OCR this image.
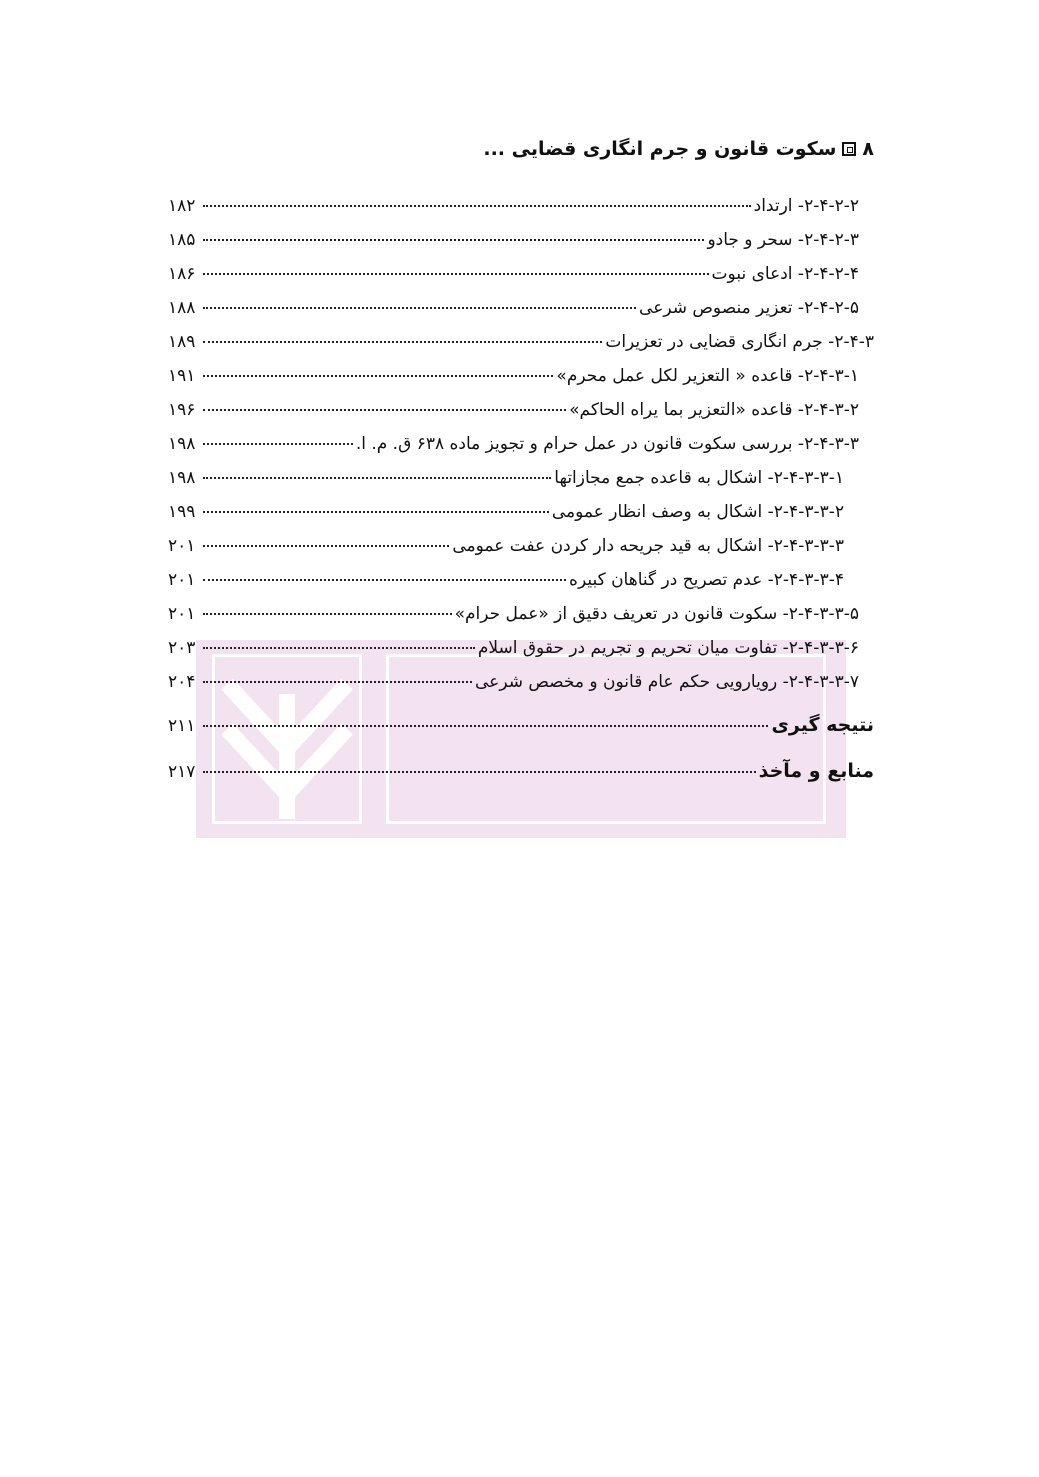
۸
سکوت قانون و جرم انگاری قضایی ...
۲-۴-۲-۲- ارتداد
۱۸۲
۲-۴-۲-۳- سحر و جادو
۱۸۵
۲-۴-۲-۴- ادعای نبوت
۱۸۶
۲-۴-۲-۵- تعزیر منصوص شرعی
۱۸۸
۲-۴-۳- جرم انگاری قضایی در تعزیرات
۱۸۹
۲-۴-۳-۱- قاعده « التعزیر لکل عمل محرم»
۱۹۱
۲-۴-۳-۲- قاعده «التعزیر بما یراه الحاکم»
۱۹۶
۲-۴-۳-۳- بررسی سکوت قانون در عمل حرام و تجویز ماده ۶۳۸ ق. م. ا.
۱۹۸
۲-۴-۳-۳-۱- اشکال به قاعده جمع مجازاتها
۱۹۸
۲-۴-۳-۳-۲- اشکال به وصف انظار عمومی
۱۹۹
۲-۴-۳-۳-۳- اشکال به قید جریحه دار کردن عفت عمومی
۲۰۱
۲-۴-۳-۳-۴- عدم تصریح در گناهان کبیره
۲۰۱
۲-۴-۳-۳-۵- سکوت قانون در تعریف دقیق از «عمل حرام»
۲۰۱
۲-۴-۳-۳-۶- تفاوت میان تحریم و تجریم در حقوق اسلام
۲۰۳
۲-۴-۳-۳-۷- رویارویی حکم عام قانون و مخصص شرعی
۲۰۴
نتیجه گیری
۲۱۱
منابع و مآخذ
۲۱۷
